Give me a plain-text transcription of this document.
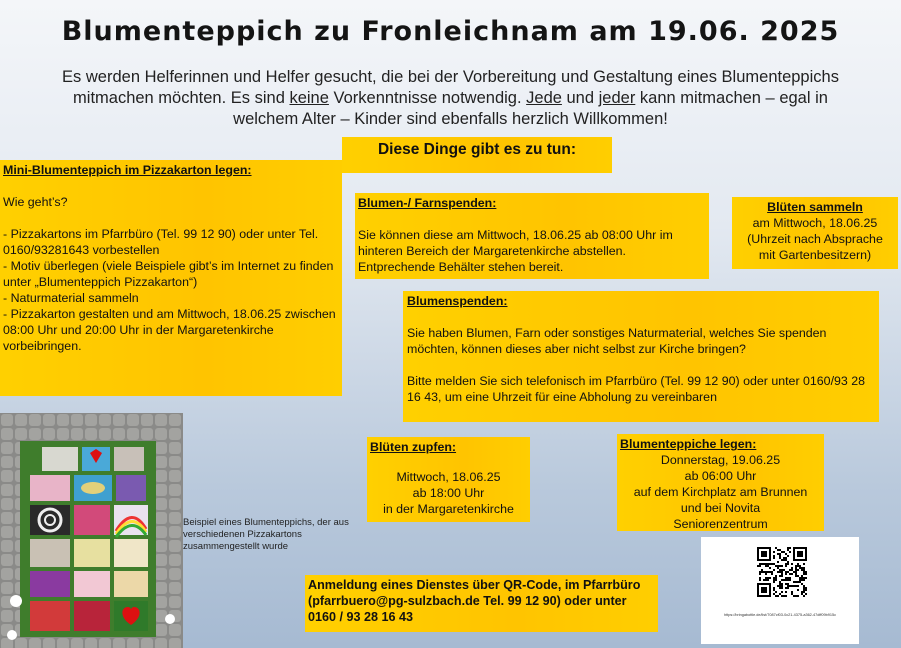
Blumenteppich zu Fronleichnam am 19.06. 2025
Es werden Helferinnen und Helfer gesucht, die bei der Vorbereitung und Gestaltung eines Blumenteppichs mitmachen möchten. Es sind keine Vorkenntnisse notwendig. Jede und jeder kann mitmachen – egal in welchem Alter – Kinder sind ebenfalls herzlich Willkommen!
Diese Dinge gibt es zu tun:
Mini-Blumenteppich im Pizzakarton legen:
Wie geht’s?
- Pizzakartons im Pfarrbüro (Tel. 99 12 90) oder unter Tel. 0160/93281643 vorbestellen
- Motiv überlegen (viele Beispiele gibt’s im Internet zu finden unter „Blumenteppich Pizzakarton“)
- Naturmaterial sammeln
- Pizzakarton gestalten und am Mittwoch, 18.06.25 zwischen 08:00 Uhr und 20:00 Uhr in der Margaretenkirche vorbeibringen.
Blumen-/ Farnspenden:
Sie können diese am Mittwoch, 18.06.25 ab 08:00 Uhr im hinteren Bereich der Margaretenkirche abstellen. Entprechende Behälter stehen bereit.
Blüten sammeln
am Mittwoch, 18.06.25
(Uhrzeit nach Absprache
mit Gartenbesitzern)
Blumenspenden:
Sie haben Blumen, Farn oder sonstiges Naturmaterial, welches Sie spenden möchten, können dieses aber nicht selbst zur Kirche bringen?
Bitte melden Sie sich telefonisch im Pfarrbüro (Tel. 99 12 90) oder unter 0160/93 28 16 43, um eine Uhrzeit für eine Abholung zu vereinbaren
Blüten zupfen:
Mittwoch, 18.06.25
ab 18:00 Uhr
in der Margaretenkirche
Blumenteppiche legen:
Donnerstag, 19.06.25
ab 06:00 Uhr
auf dem Kirchplatz am Brunnen
und bei Novita
Seniorenzentrum
Beispiel eines Blumenteppichs, der aus verschiedenen Pizzakartons zusammengestellt wurde
Anmeldung eines Dienstes über QR-Code, im Pfarrbüro (pfarrbuero@pg-sulzbach.de Tel. 99 12 90) oder unter 0160 / 93 28 16 43	https://bringabottle.de/list/7087cf03-0c21-4375-a362-47dff09b915c
